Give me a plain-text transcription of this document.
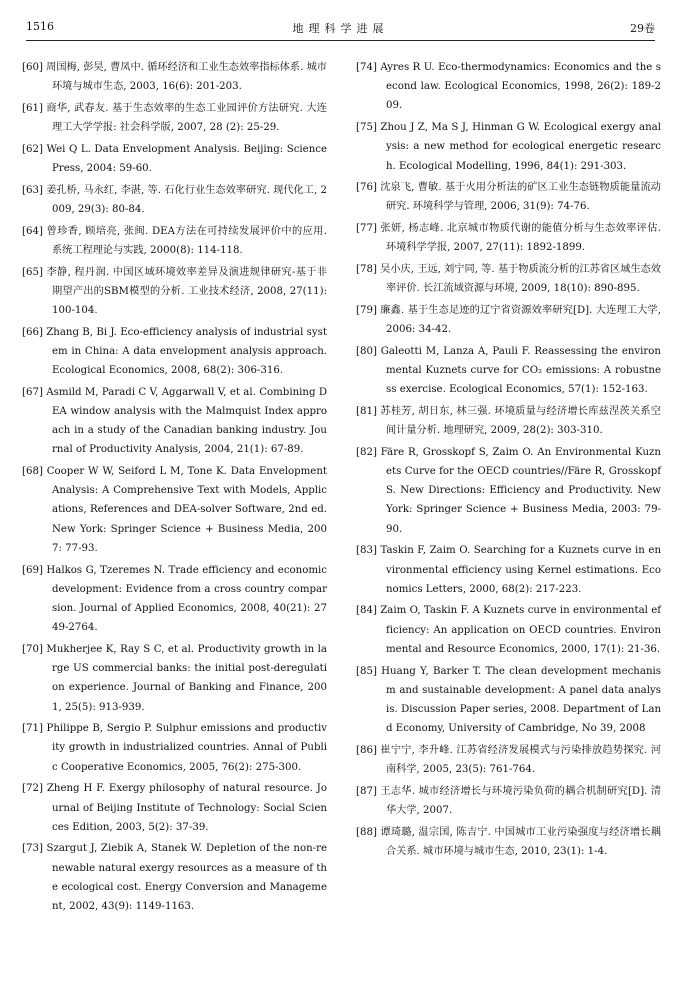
1516	地理科学进展	29卷

[60] 周国梅, 彭昊, 曹凤中. 循环经济和工业生态效率指标体系. 城市环境与城市生态, 2003, 16(6): 201-203.

[61] 商华, 武春友. 基于生态效率的生态工业园评价方法研究. 大连理工大学学报: 社会科学版, 2007, 28 (2): 25-29.

[62] Wei Q L. Data Envelopment Analysis. Beijing: Science Press, 2004: 59-60.

[63] 姜孔桥, 马永红, 李湛, 等. 石化行业生态效率研究. 现代化工, 2009, 29(3): 80-84.

[64] 曾珍香, 顾培亮, 张闽. DEA方法在可持续发展评价中的应用. 系统工程理论与实践, 2000(8): 114-118.

[65] 李静, 程丹润. 中国区域环境效率差异及演进规律研究-基于非期望产出的SBM模型的分析. 工业技术经济, 2008, 27(11): 100-104.

[66] Zhang B, Bi J. Eco-efficiency analysis of industrial system in China: A data envelopment analysis approach. Ecological Economics, 2008, 68(2): 306-316.

[67] Asmild M, Paradi C V, Aggarwall V, et al. Combining DEA window analysis with the Malmquist Index approach in a study of the Canadian banking industry. Journal of Productivity Analysis, 2004, 21(1): 67-89.

[68] Cooper W W, Seiford L M, Tone K. Data Envelopment Analysis: A Comprehensive Text with Models, Applications, References and DEA-solver Software, 2nd ed. New York: Springer Science + Business Media, 2007: 77-93.

[69] Halkos G, Tzeremes N. Trade efficiency and economic development: Evidence from a cross country comparsion. Journal of Applied Economics, 2008, 40(21): 2749-2764.

[70] Mukherjee K, Ray S C, et al. Productivity growth in large US commercial banks: the initial post-deregulation experience. Journal of Banking and Finance, 2001, 25(5): 913-939.

[71] Philippe B, Sergio P. Sulphur emissions and productivity growth in industrialized countries. Annal of Public Cooperative Economics, 2005, 76(2): 275-300.

[72] Zheng H F. Exergy philosophy of natural resource. Journal of Beijing Institute of Technology: Social Sciences Edition, 2003, 5(2): 37-39.

[73] Szargut J, Ziebik A, Stanek W. Depletion of the non-renewable natural exergy resources as a measure of the ecological cost. Energy Conversion and Management, 2002, 43(9): 1149-1163.

[74] Ayres R U. Eco-thermodynamics: Economics and the second law. Ecological Economics, 1998, 26(2): 189-209.

[75] Zhou J Z, Ma S J, Hinman G W. Ecological exergy analysis: a new method for ecological energetic research. Ecological Modelling, 1996, 84(1): 291-303.

[76] 沈泉飞, 曹敏. 基于火用分析法的矿区工业生态链物质能量流动研究. 环境科学与管理, 2006, 31(9): 74-76.

[77] 张妍, 杨志峰. 北京城市物质代谢的能值分析与生态效率评估. 环境科学学报, 2007, 27(11): 1892-1899.

[78] 吴小庆, 王远, 刘宁同, 等. 基于物质流分析的江苏省区域生态效率评价. 长江流域资源与环境, 2009, 18(10): 890-895.

[79] 廉鑫. 基于生态足迹的辽宁省资源效率研究[D]. 大连理工大学, 2006: 34-42.

[80] Galeotti M, Lanza A, Pauli F. Reassessing the environmental Kuznets curve for CO₂ emissions: A robustness exercise. Ecological Economics, 57(1): 152-163.

[81] 苏桂芳, 胡日东, 林三强. 环境质量与经济增长库兹涅茨关系空间计量分析. 地理研究, 2009, 28(2): 303-310.

[82] Färe R, Grosskopf S, Zaim O. An Environmental Kuznets Curve for the OECD countries//Färe R, Grosskopf S. New Directions: Efficiency and Productivity. New York: Springer Science + Business Media, 2003: 79-90.

[83] Taskin F, Zaim O. Searching for a Kuznets curve in environmental efficiency using Kernel estimations. Economics Letters, 2000, 68(2): 217-223.

[84] Zaim O, Taskin F. A Kuznets curve in environmental efficiency: An application on OECD countries. Environmental and Resource Economics, 2000, 17(1): 21-36.

[85] Huang Y, Barker T. The clean development mechanism and sustainable development: A panel data analysis. Discussion Paper series, 2008. Department of Land Economy, University of Cambridge, No 39, 2008

[86] 崔宁宁, 李升峰. 江苏省经济发展模式与污染排放趋势探究. 河南科学, 2005, 23(5): 761-764.

[87] 王志华. 城市经济增长与环境污染负荷的耦合机制研究[D]. 清华大学, 2007.

[88] 谭琦璐, 温宗国, 陈吉宁. 中国城市工业污染强度与经济增长耦合关系. 城市环境与城市生态, 2010, 23(1): 1-4.
